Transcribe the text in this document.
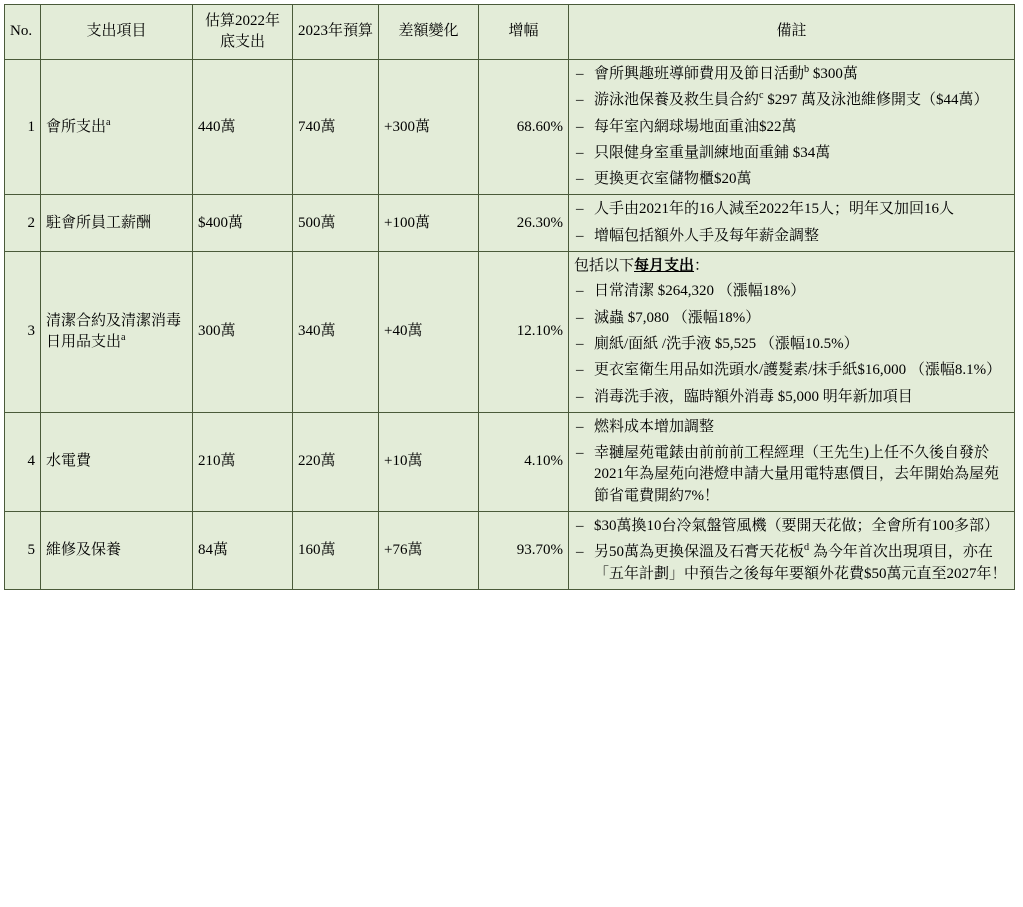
No.	支出項目	估算2022年底支出	2023年預算	差額變化	增幅	備註
1	會所支出$^a$	440萬	740萬	+300萬	68.60%	
– 會所興趣班導師費用及節日活動$^b$ $300萬
– 游泳池保養及救生員合約$^c$ $297 萬及泳池維修開支（$44萬）
– 每年室內網球場地面重油$22萬
– 只限健身室重量訓練地面重鋪 $34萬
– 更換更衣室儲物櫃$20萬

2	駐會所員工薪酬	$400萬	500萬	+100萬	26.30%	
– 人手由2021年的16人減至2022年15人；明年又加回16人
– 增幅包括額外人手及每年薪金調整

3	清潔合約及清潔消毒日用品支出$^a$	300萬	340萬	+40萬	12.10%	
包括以下每月支出：
– 日常清潔 $264,320 （漲幅18%）
– 滅蟲 $7,080 （漲幅18%）
– 廁紙/面紙 /洗手液 $5,525 （漲幅10.5%）
– 更衣室衛生用品如洗頭水/護髮素/抹手紙$16,000 （漲幅8.1%）
– 消毒洗手液，臨時額外消毒 $5,000 明年新加項目

4	水電費	210萬	220萬	+10萬	4.10%	
– 燃料成本增加調整
– 幸翴屋苑電錶由前前前工程經理（王先生)上任不久後自發於2021年為屋苑向港燈申請大量用電特惠價目，去年開始為屋苑節省電費開約7%！

5	維修及保養	84萬	160萬	+76萬	93.70%	
– $30萬換10台冷氣盤管風機（要開天花做；全會所有100多部）
– 另50萬為更換保溫及石膏天花板$^d$ 為今年首次出現項目，亦在「五年計劃」中預告之後每年要額外花費$50萬元直至2027年！
